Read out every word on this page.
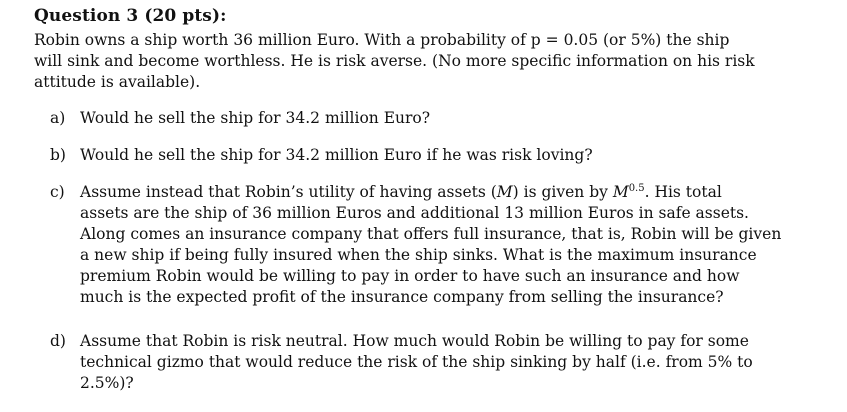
Question 3 (20 pts):
Robin owns a ship worth 36 million Euro. With a probability of p = 0.05 (or 5%) the ship
will sink and become worthless. He is risk averse. (No more specific information on his risk
attitude is available).
a) Would he sell the ship for 34.2 million Euro?
b) Would he sell the ship for 34.2 million Euro if he was risk loving?
c) Assume instead that Robin’s utility of having assets (M) is given by $M^{0.5}$. His total
assets are the ship of 36 million Euros and additional 13 million Euros in safe assets.
Along comes an insurance company that offers full insurance, that is, Robin will be given
a new ship if being fully insured when the ship sinks. What is the maximum insurance
premium Robin would be willing to pay in order to have such an insurance and how
much is the expected profit of the insurance company from selling the insurance?
d) Assume that Robin is risk neutral. How much would Robin be willing to pay for some
technical gizmo that would reduce the risk of the ship sinking by half (i.e. from 5% to
2.5%)?
